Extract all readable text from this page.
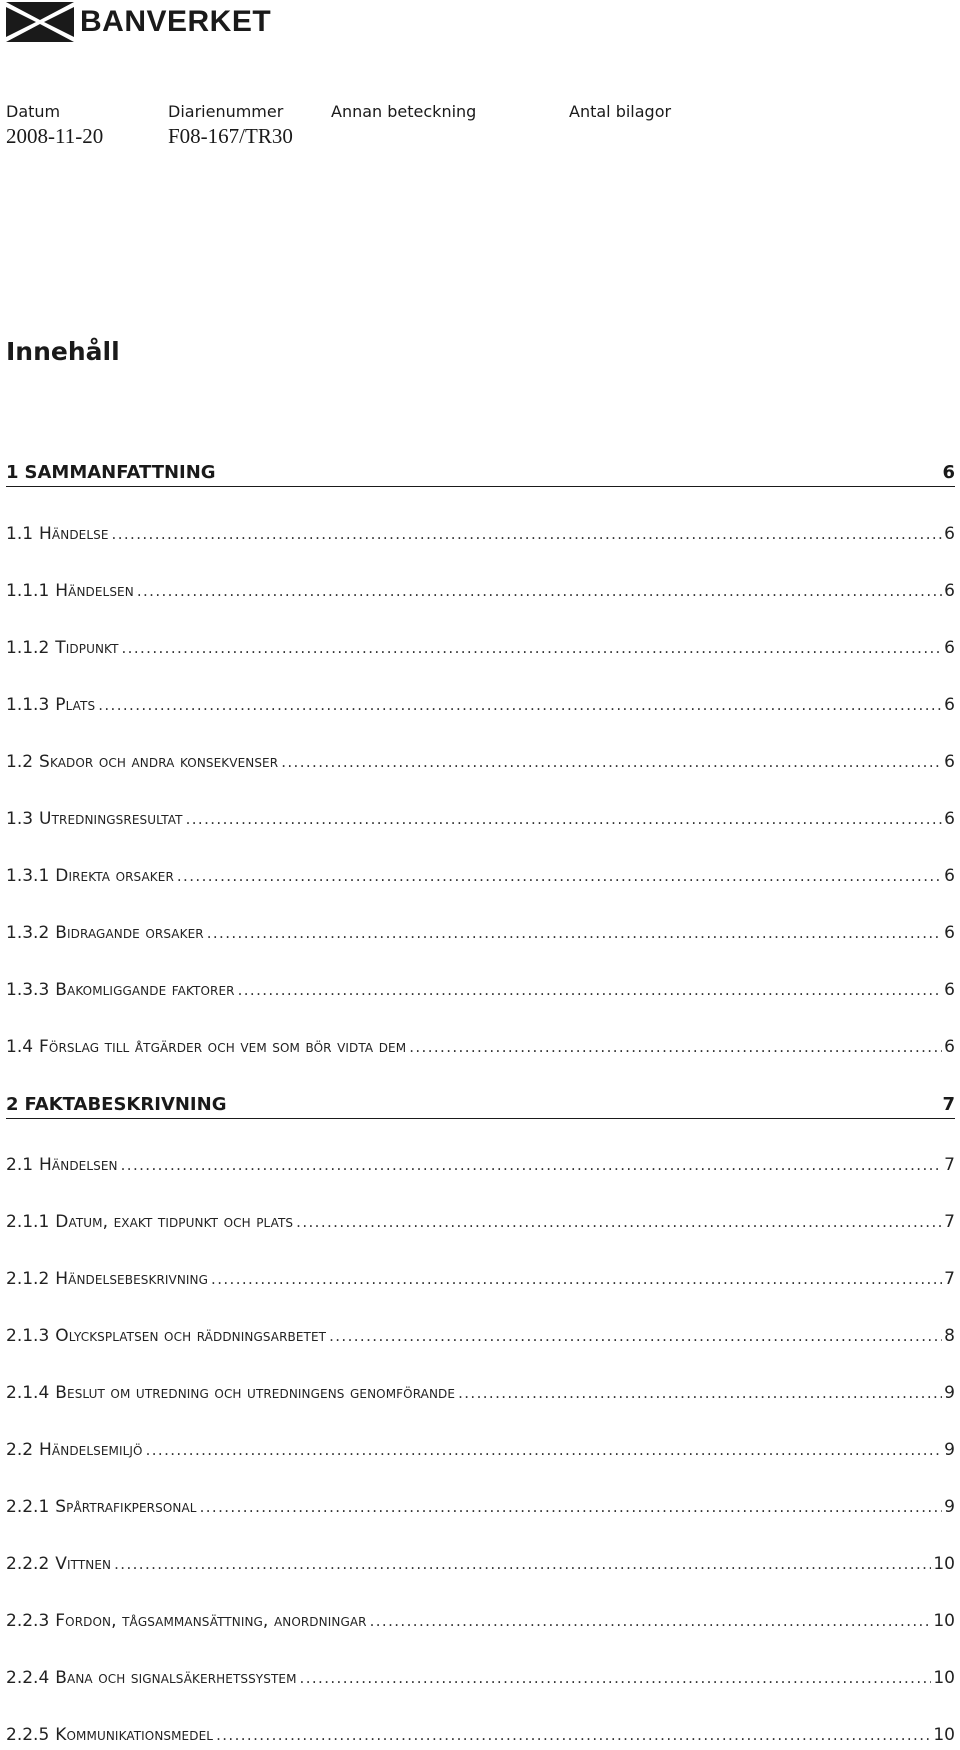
BANVERKET
Datum
2008-11-20
Diarienummer
F08-167/TR30
Annan beteckning	Antal bilagor
Innehåll
1 SAMMANFATTNING	6
1.1 Händelse .....	6
1.1.1 Händelsen .....	6
1.1.2 Tidpunkt .....	6
1.1.3 Plats .....	6
1.2 Skador och andra konsekvenser .....	6
1.3 Utredningsresultat .....	6
1.3.1 Direkta orsaker .....	6
1.3.2 Bidragande orsaker .....	6
1.3.3 Bakomliggande faktorer .....	6
1.4 Förslag till åtgärder och vem som bör vidta dem .....	6
2 FAKTABESKRIVNING	7
2.1 Händelsen .....	7
2.1.1 Datum, exakt tidpunkt och plats .....	7
2.1.2 Händelsebeskrivning .....	7
2.1.3 Olycksplatsen och räddningsarbetet .....	8
2.1.4 Beslut om utredning och utredningens genomförande .....	9
2.2 Händelsemiljö .....	9
2.2.1 Spårtrafikpersonal .....	9
2.2.2 Vittnen .....	10
2.2.3 Fordon, tågsammansättning, anordningar .....	10
2.2.4 Bana och signalsäkerhetssystem .....	10
2.2.5 Kommunikationsmedel .....	10
